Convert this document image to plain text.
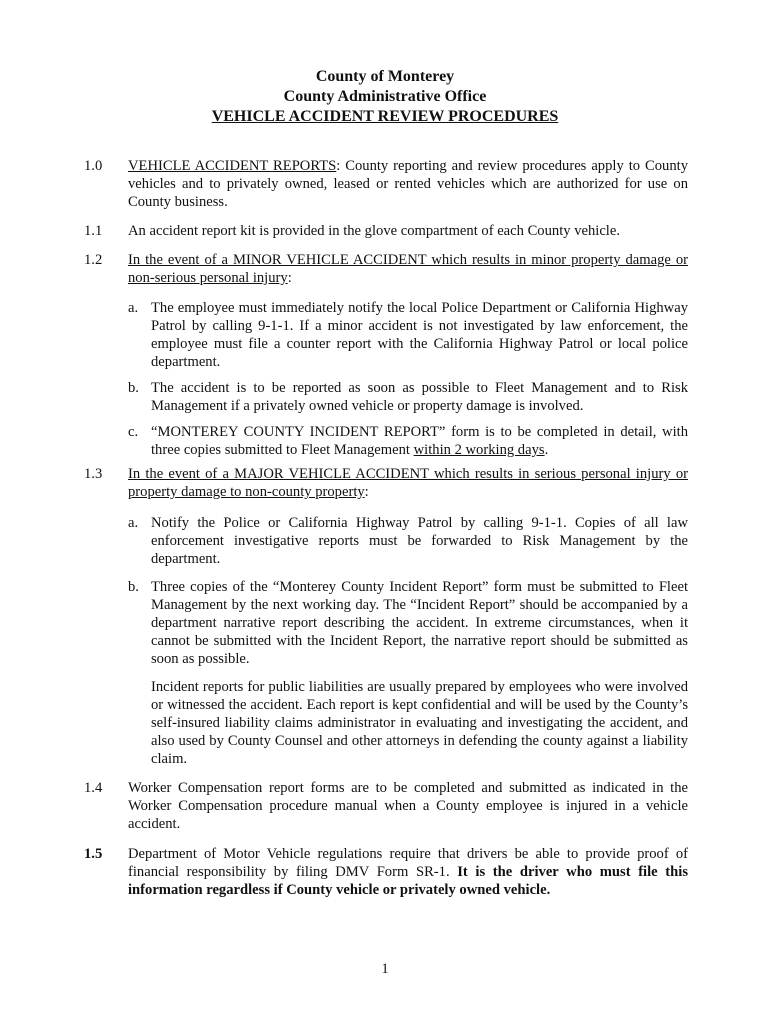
County of Monterey
County Administrative Office
VEHICLE ACCIDENT REVIEW PROCEDURES
1.0	VEHICLE ACCIDENT REPORTS: County reporting and review procedures apply to County vehicles and to privately owned, leased or rented vehicles which are authorized for use on County business.
1.1	An accident report kit is provided in the glove compartment of each County vehicle.
1.2	In the event of a MINOR VEHICLE ACCIDENT which results in minor property damage or non-serious personal injury:
a. The employee must immediately notify the local Police Department or California Highway Patrol by calling 9-1-1. If a minor accident is not investigated by law enforcement, the employee must file a counter report with the California Highway Patrol or local police department.
b. The accident is to be reported as soon as possible to Fleet Management and to Risk Management if a privately owned vehicle or property damage is involved.
c. “MONTEREY COUNTY INCIDENT REPORT” form is to be completed in detail, with three copies submitted to Fleet Management within 2 working days.
1.3	In the event of a MAJOR VEHICLE ACCIDENT which results in serious personal injury or property damage to non-county property:
a. Notify the Police or California Highway Patrol by calling 9-1-1. Copies of all law enforcement investigative reports must be forwarded to Risk Management by the department.
b. Three copies of the “Monterey County Incident Report” form must be submitted to Fleet Management by the next working day. The “Incident Report” should be accompanied by a department narrative report describing the accident. In extreme circumstances, when it cannot be submitted with the Incident Report, the narrative report should be submitted as soon as possible.
Incident reports for public liabilities are usually prepared by employees who were involved or witnessed the accident. Each report is kept confidential and will be used by the County’s self-insured liability claims administrator in evaluating and investigating the accident, and also used by County Counsel and other attorneys in defending the county against a liability claim.
1.4	Worker Compensation report forms are to be completed and submitted as indicated in the Worker Compensation procedure manual when a County employee is injured in a vehicle accident.
1.5	Department of Motor Vehicle regulations require that drivers be able to provide proof of financial responsibility by filing DMV Form SR-1. It is the driver who must file this information regardless if County vehicle or privately owned vehicle.
1
